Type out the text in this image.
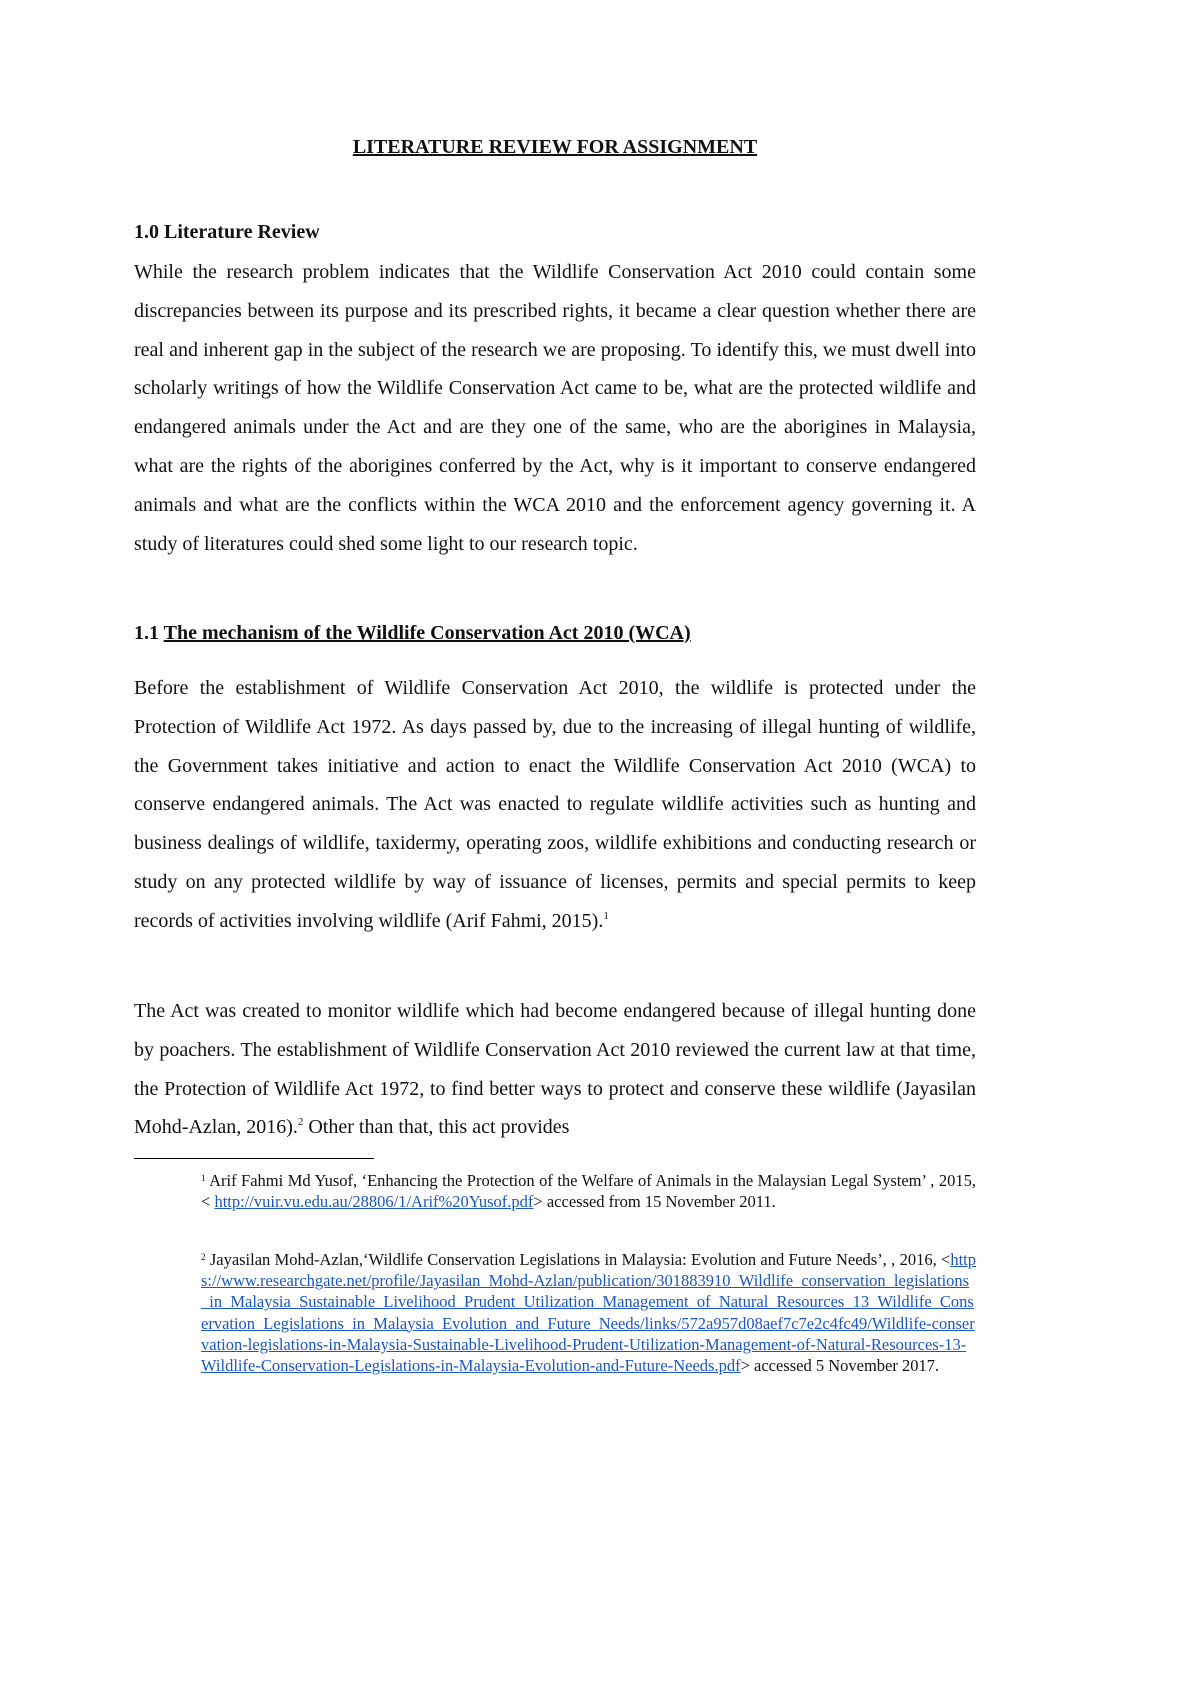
LITERATURE REVIEW FOR ASSIGNMENT
1.0 Literature Review

While the research problem indicates that the Wildlife Conservation Act 2010 could contain some discrepancies between its purpose and its prescribed rights, it became a clear question whether there are real and inherent gap in the subject of the research we are proposing. To identify this, we must dwell into scholarly writings of how the Wildlife Conservation Act came to be, what are the protected wildlife and endangered animals under the Act and are they one of the same, who are the aborigines in Malaysia, what are the rights of the aborigines conferred by the Act, why is it important to conserve endangered animals and what are the conflicts within the WCA 2010 and the enforcement agency governing it. A study of literatures could shed some light to our research topic.

1.1 The mechanism of the Wildlife Conservation Act 2010 (WCA)

Before the establishment of Wildlife Conservation Act 2010, the wildlife is protected under the Protection of Wildlife Act 1972. As days passed by, due to the increasing of illegal hunting of wildlife, the Government takes initiative and action to enact the Wildlife Conservation Act 2010 (WCA) to conserve endangered animals. The Act was enacted to regulate wildlife activities such as hunting and business dealings of wildlife, taxidermy, operating zoos, wildlife exhibitions and conducting research or study on any protected wildlife by way of issuance of licenses, permits and special permits to keep records of activities involving wildlife (Arif Fahmi, 2015).$^1$

The Act was created to monitor wildlife which had become endangered because of illegal hunting done by poachers. The establishment of Wildlife Conservation Act 2010 reviewed the current law at that time, the Protection of Wildlife Act 1972, to find better ways to protect and conserve these wildlife (Jayasilan Mohd-Azlan, 2016).$^2$ Other than that, this act provides

$^1$ Arif Fahmi Md Yusof, ‘Enhancing the Protection of the Welfare of Animals in the Malaysian Legal System’ , 2015, < http://vuir.vu.edu.au/28806/1/Arif%20Yusof.pdf> accessed from 15 November 2011.
$^2$ Jayasilan Mohd-Azlan,‘Wildlife Conservation Legislations in Malaysia: Evolution and Future Needs’, , 2016, <https://www.researchgate.net/profile/Jayasilan_Mohd-Azlan/publication/301883910_Wildlife_conservation_legislations_in_Malaysia_Sustainable_Livelihood_Prudent_Utilization_Management_of_Natural_Resources_13_Wildlife_Conservation_Legislations_in_Malaysia_Evolution_and_Future_Needs/links/572a957d08aef7c7e2c4fc49/Wildlife-conservation-legislations-in-Malaysia-Sustainable-Livelihood-Prudent-Utilization-Management-of-Natural-Resources-13-Wildlife-Conservation-Legislations-in-Malaysia-Evolution-and-Future-Needs.pdf> accessed 5 November 2017.
